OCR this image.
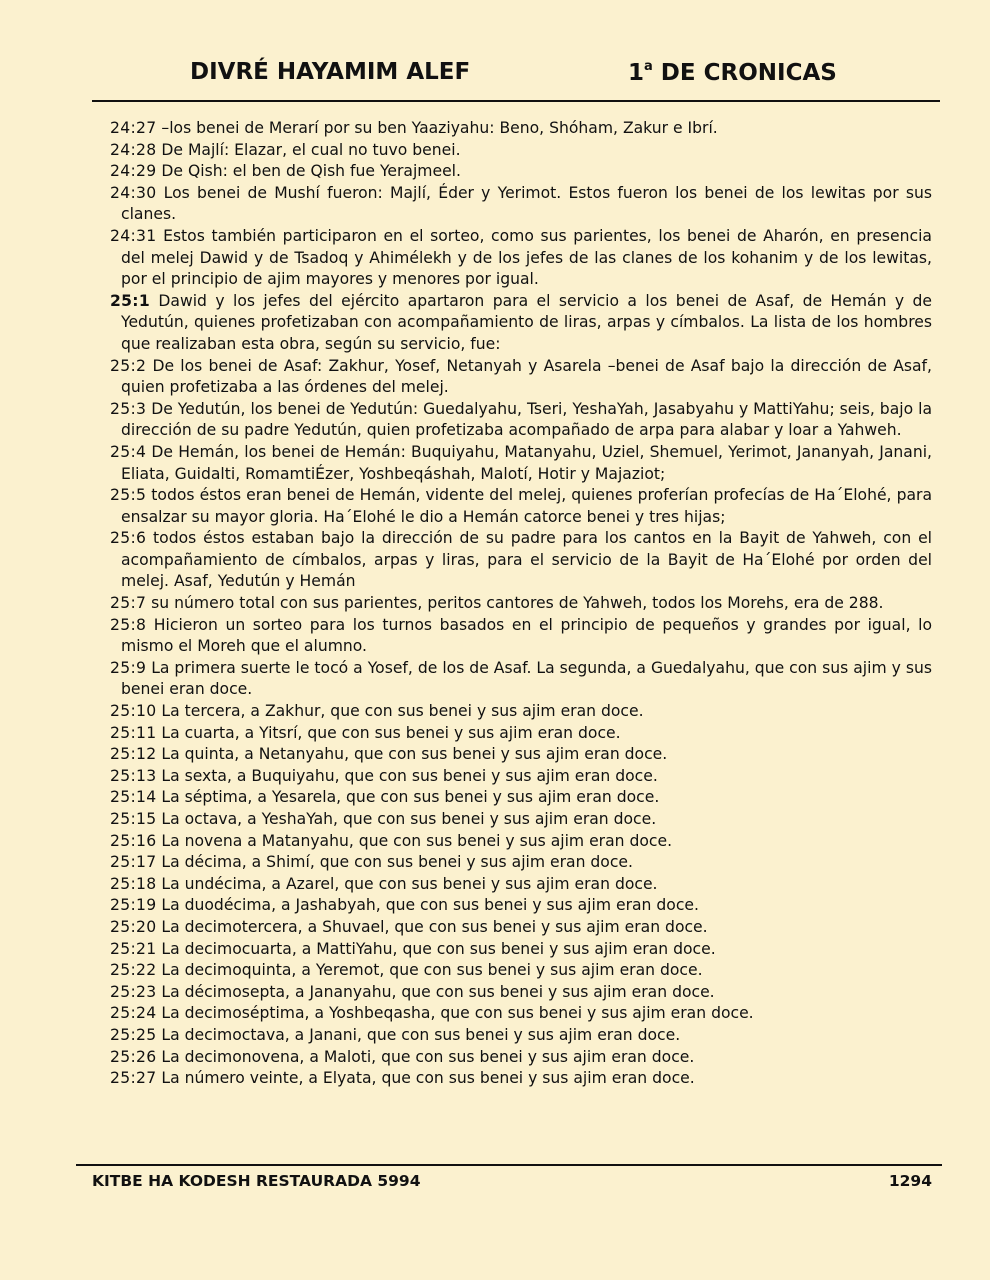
DIVRÉ HAYAMIM ALEF	1$^a$ DE CRONICAS

24:27 –los benei de Merarí por su ben Yaaziyahu: Beno, Shóham, Zakur e Ibrí.

24:28 De Majlí: Elazar, el cual no tuvo benei.

24:29 De Qish: el ben de Qish fue Yerajmeel.

24:30 Los benei de Mushí fueron: Majlí, Éder y Yerimot. Estos fueron los benei de los lewitas por sus clanes.

24:31 Estos también participaron en el sorteo, como sus parientes, los benei de Aharón, en presencia del melej Dawid y de Tsadoq y Ahimélekh y de los jefes de las clanes de los kohanim y de los lewitas, por el principio de ajim mayores y menores por igual.

25:1 Dawid y los jefes del ejército apartaron para el servicio a los benei de Asaf, de Hemán y de Yedutún, quienes profetizaban con acompañamiento de liras, arpas y címbalos. La lista de los hombres que realizaban esta obra, según su servicio, fue:

25:2 De los benei de Asaf: Zakhur, Yosef, Netanyah y Asarela –benei de Asaf bajo la dirección de Asaf, quien profetizaba a las órdenes del melej.

25:3 De Yedutún, los benei de Yedutún: Guedalyahu, Tseri, YeshaYah, Jasabyahu y MattiYahu; seis, bajo la dirección de su padre Yedutún, quien profetizaba acompañado de arpa para alabar y loar a Yahweh.

25:4 De Hemán, los benei de Hemán: Buquiyahu, Matanyahu, Uziel, Shemuel, Yerimot, Jananyah, Janani, Eliata, Guidalti, RomamtiÉzer, Yoshbeqáshah, Malotí, Hotir y Majaziot;

25:5 todos éstos eran benei de Hemán, vidente del melej, quienes proferían profecías de Ha´Elohé, para ensalzar su mayor gloria. Ha´Elohé le dio a Hemán catorce benei y tres hijas;

25:6 todos éstos estaban bajo la dirección de su padre para los cantos en la Bayit de Yahweh, con el acompañamiento de címbalos, arpas y liras, para el servicio de la Bayit de Ha´Elohé por orden del melej. Asaf, Yedutún y Hemán

25:7 su número total con sus parientes, peritos cantores de Yahweh, todos los Morehs, era de 288.

25:8 Hicieron un sorteo para los turnos basados en el principio de pequeños y grandes por igual, lo mismo el Moreh que el alumno.

25:9 La primera suerte le tocó a Yosef, de los de Asaf. La segunda, a Guedalyahu, que con sus ajim y sus benei eran doce.

25:10 La tercera, a Zakhur, que con sus benei y sus ajim eran doce.

25:11 La cuarta, a Yitsrí, que con sus benei y sus ajim eran doce.

25:12 La quinta, a Netanyahu, que con sus benei y sus ajim eran doce.

25:13 La sexta, a Buquiyahu, que con sus benei y sus ajim eran doce.

25:14 La séptima, a Yesarela, que con sus benei y sus ajim eran doce.

25:15 La octava, a YeshaYah, que con sus benei y sus ajim eran doce.

25:16 La novena a Matanyahu, que con sus benei y sus ajim eran doce.

25:17 La décima, a Shimí, que con sus benei y sus ajim eran doce.

25:18 La undécima, a Azarel, que con sus benei y sus ajim eran doce.

25:19 La duodécima, a Jashabyah, que con sus benei y sus ajim eran doce.

25:20 La decimotercera, a Shuvael, que con sus benei y sus ajim eran doce.

25:21 La decimocuarta, a MattiYahu, que con sus benei y sus ajim eran doce.

25:22 La decimoquinta, a Yeremot, que con sus benei y sus ajim eran doce.

25:23 La décimosepta, a Jananyahu, que con sus benei y sus ajim eran doce.

25:24 La decimoséptima, a Yoshbeqasha, que con sus benei y sus ajim eran doce.

25:25 La decimoctava, a Janani, que con sus benei y sus ajim eran doce.

25:26 La decimonovena, a Maloti, que con sus benei y sus ajim eran doce.

25:27 La número veinte, a Elyata, que con sus benei y sus ajim eran doce.

KITBE HA KODESH RESTAURADA 5994	1294
